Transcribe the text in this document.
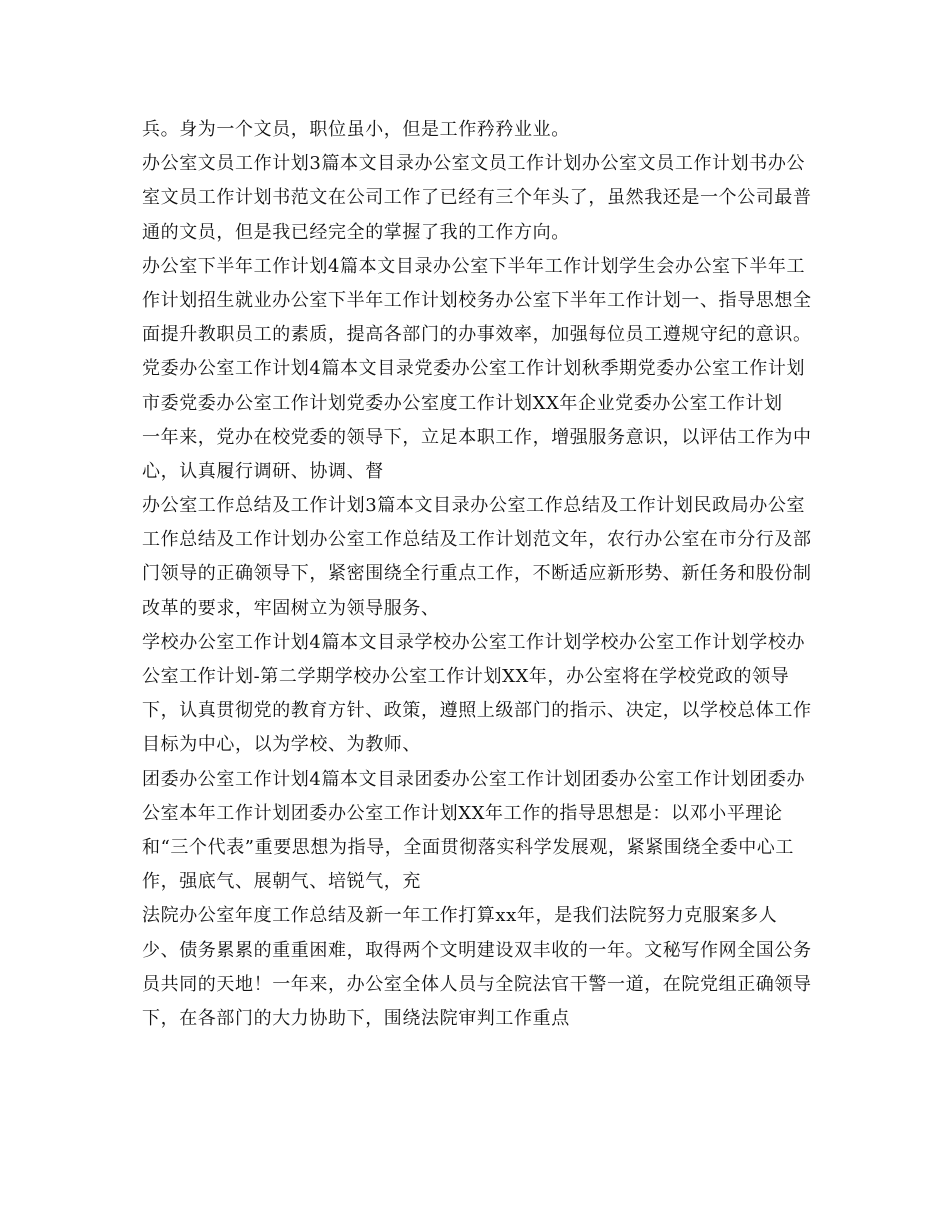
兵。身为一个文员，职位虽小，但是工作矜矜业业。
办公室文员工作计划3篇本文目录办公室文员工作计划办公室文员工作计划书办公
室文员工作计划书范文在公司工作了已经有三个年头了，虽然我还是一个公司最普
通的文员，但是我已经完全的掌握了我的工作方向。
办公室下半年工作计划4篇本文目录办公室下半年工作计划学生会办公室下半年工
作计划招生就业办公室下半年工作计划校务办公室下半年工作计划一、指导思想全
面提升教职员工的素质，提高各部门的办事效率，加强每位员工遵规守纪的意识。
党委办公室工作计划4篇本文目录党委办公室工作计划秋季期党委办公室工作计划
市委党委办公室工作计划党委办公室度工作计划XX年企业党委办公室工作计划
一年来，党办在校党委的领导下，立足本职工作，增强服务意识，以评估工作为中
心，认真履行调研、协调、督
办公室工作总结及工作计划3篇本文目录办公室工作总结及工作计划民政局办公室
工作总结及工作计划办公室工作总结及工作计划范文年，农行办公室在市分行及部
门领导的正确领导下，紧密围绕全行重点工作，不断适应新形势、新任务和股份制
改革的要求，牢固树立为领导服务、
学校办公室工作计划4篇本文目录学校办公室工作计划学校办公室工作计划学校办
公室工作计划-第二学期学校办公室工作计划XX年，办公室将在学校党政的领导
下，认真贯彻党的教育方针、政策，遵照上级部门的指示、决定，以学校总体工作
目标为中心，以为学校、为教师、
团委办公室工作计划4篇本文目录团委办公室工作计划团委办公室工作计划团委办
公室本年工作计划团委办公室工作计划XX年工作的指导思想是：以邓小平理论
和“三个代表”重要思想为指导，全面贯彻落实科学发展观，紧紧围绕全委中心工
作，强底气、展朝气、培锐气，充
法院办公室年度工作总结及新一年工作打算xx年，是我们法院努力克服案多人
少、债务累累的重重困难，取得两个文明建设双丰收的一年。文秘写作网全国公务
员共同的天地！一年来，办公室全体人员与全院法官干警一道，在院党组正确领导
下，在各部门的大力协助下，围绕法院审判工作重点
